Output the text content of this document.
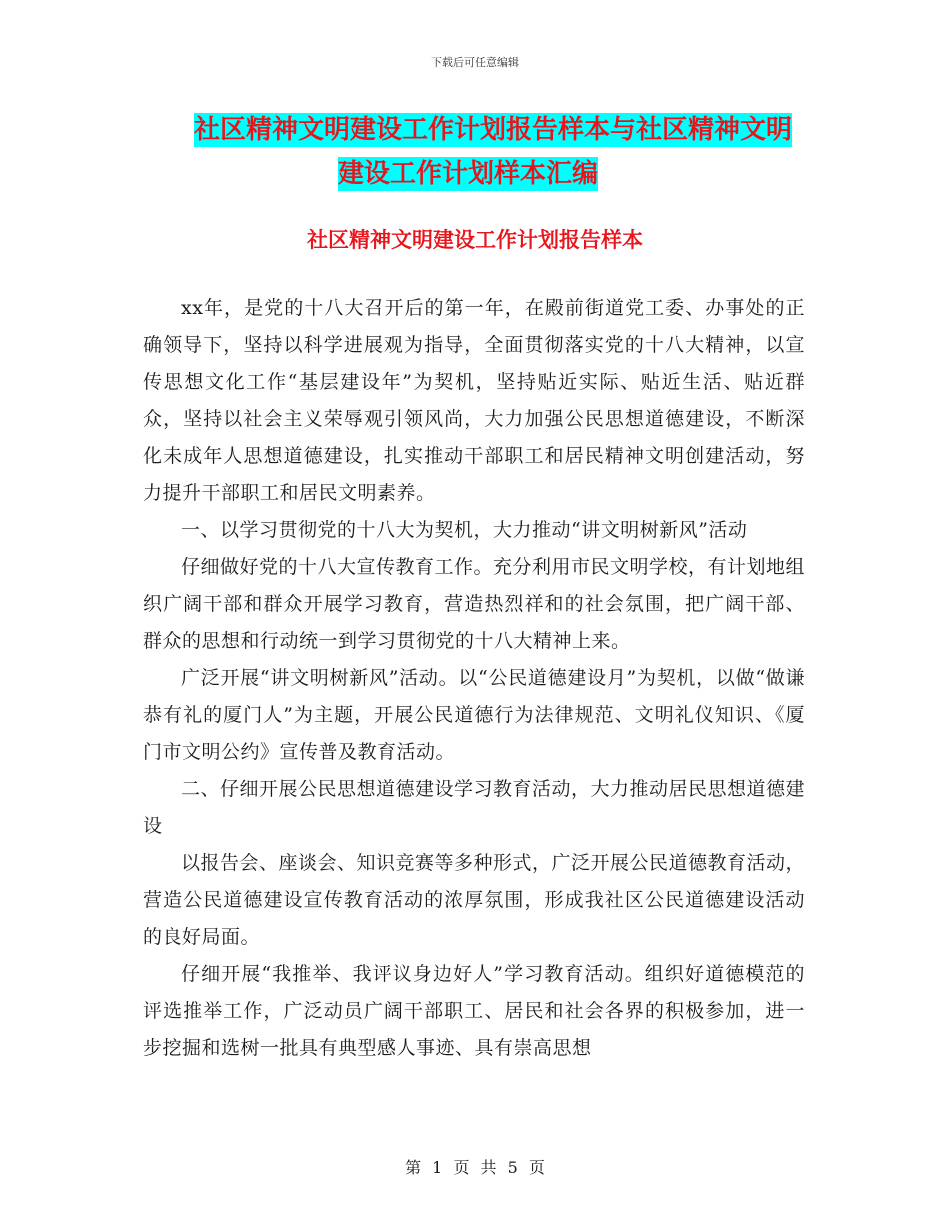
下载后可任意编辑
社区精神文明建设工作计划报告样本与社区精神文明
建设工作计划样本汇编
社区精神文明建设工作计划报告样本

xx年，是党的十八大召开后的第一年，在殿前街道党工委、办事处的正确领导下，坚持以科学进展观为指导，全面贯彻落实党的十八大精神，以宣传思想文化工作“基层建设年”为契机，坚持贴近实际、贴近生活、贴近群众，坚持以社会主义荣辱观引领风尚，大力加强公民思想道德建设，不断深化未成年人思想道德建设，扎实推动干部职工和居民精神文明创建活动，努力提升干部职工和居民文明素养。

一、以学习贯彻党的十八大为契机，大力推动“讲文明树新风”活动

仔细做好党的十八大宣传教育工作。充分利用市民文明学校，有计划地组织广阔干部和群众开展学习教育，营造热烈祥和的社会氛围，把广阔干部、群众的思想和行动统一到学习贯彻党的十八大精神上来。

广泛开展“讲文明树新风”活动。以“公民道德建设月”为契机，以做“做谦恭有礼的厦门人”为主题，开展公民道德行为法律规范、文明礼仪知识、《厦门市文明公约》宣传普及教育活动。

二、仔细开展公民思想道德建设学习教育活动，大力推动居民思想道德建设

以报告会、座谈会、知识竞赛等多种形式，广泛开展公民道德教育活动，营造公民道德建设宣传教育活动的浓厚氛围，形成我社区公民道德建设活动的良好局面。

仔细开展“我推举、我评议身边好人”学习教育活动。组织好道德模范的评选推举工作，广泛动员广阔干部职工、居民和社会各界的积极参加，进一步挖掘和选树一批具有典型感人事迹、具有崇高思想

第 1 页 共 5 页
